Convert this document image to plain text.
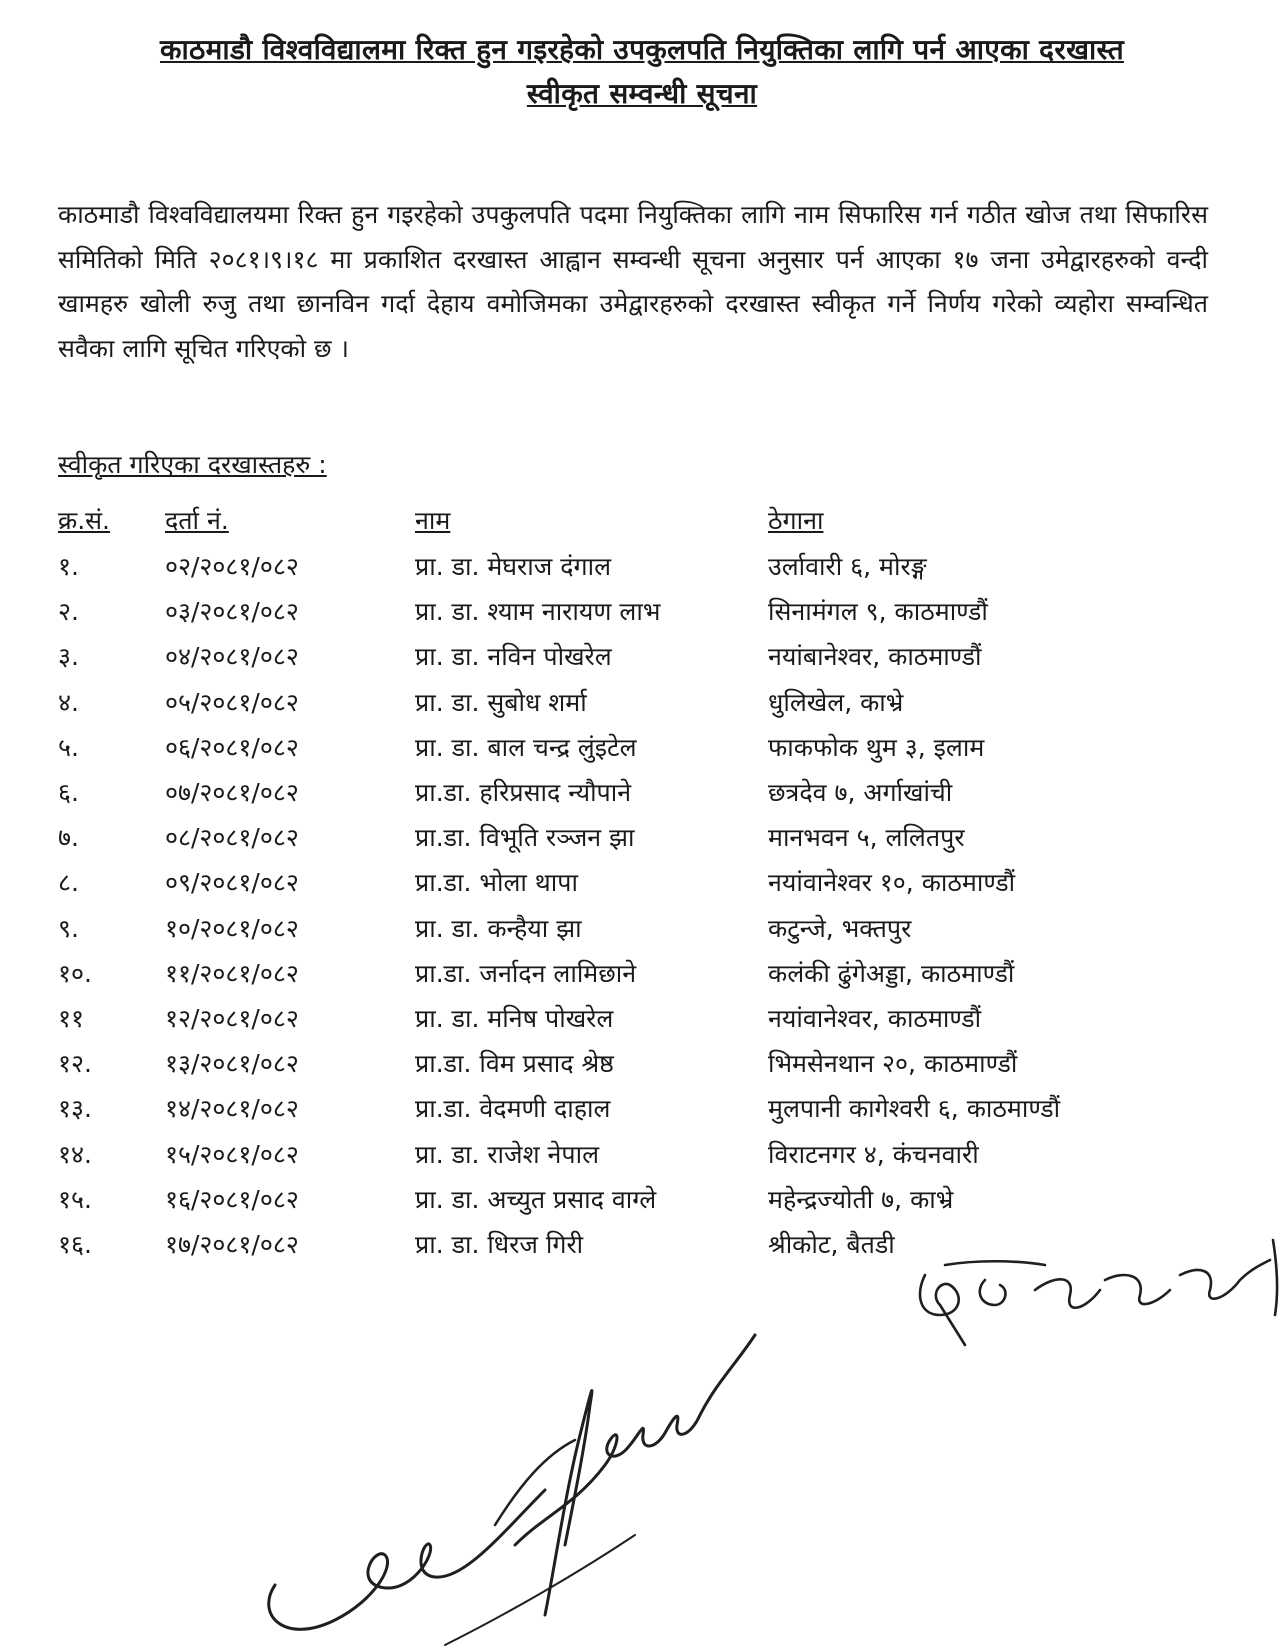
काठमाडौ विश्वविद्यालमा रिक्त हुन गइरहेको उपकुलपति नियुक्तिका लागि पर्न आएका दरखास्त
स्वीकृत सम्वन्धी सूचना
काठमाडौ विश्वविद्यालयमा रिक्त हुन गइरहेको उपकुलपति पदमा नियुक्तिका लागि नाम सिफारिस गर्न गठीत खोज तथा सिफारिस समितिको मिति २०८१।९।१८ मा प्रकाशित दरखास्त आह्वान सम्वन्धी सूचना अनुसार पर्न आएका १७ जना उमेद्वारहरुको वन्दी खामहरु खोली रुजु तथा छानविन गर्दा देहाय वमोजिमका उमेद्वारहरुको दरखास्त स्वीकृत गर्ने निर्णय गरेको व्यहोरा सम्वन्धित सवैका लागि सूचित गरिएको छ ।
स्वीकृत गरिएका दरखास्तहरु :
क्र.सं. दर्ता नं.	नाम	ठेगाना
१.	०२/२०८१/०८२	प्रा. डा. मेघराज दंगाल	उर्लावारी ६, मोरङ्ग
२.	०३/२०८१/०८२	प्रा. डा. श्याम नारायण लाभ	सिनामंगल ९, काठमाण्डौं
३.	०४/२०८१/०८२	प्रा. डा. नविन पोखरेल	नयांबानेश्वर, काठमाण्डौं
४.	०५/२०८१/०८२	प्रा. डा. सुबोध शर्मा	धुलिखेल, काभ्रे
५.	०६/२०८१/०८२	प्रा. डा. बाल चन्द्र लुंइटेल	फाकफोक थुम ३, इलाम
६.	०७/२०८१/०८२	प्रा.डा. हरिप्रसाद न्यौपाने	छत्रदेव ७, अर्गाखांची
७.	०८/२०८१/०८२	प्रा.डा. विभूति रञ्जन झा	मानभवन ५, ललितपुर
८.	०९/२०८१/०८२	प्रा.डा. भोला थापा	नयांवानेश्वर १०, काठमाण्डौं
९.	१०/२०८१/०८२	प्रा. डा. कन्हैया झा	कटुन्जे, भक्तपुर
१०.	११/२०८१/०८२	प्रा.डा. जर्नादन लामिछाने	कलंकी ढुंगेअड्डा, काठमाण्डौं
११	१२/२०८१/०८२	प्रा. डा. मनिष पोखरेल	नयांवानेश्वर, काठमाण्डौं
१२.	१३/२०८१/०८२	प्रा.डा. विम प्रसाद श्रेष्ठ	भिमसेनथान २०, काठमाण्डौं
१३.	१४/२०८१/०८२	प्रा.डा. वेदमणी दाहाल	मुलपानी कागेश्वरी ६, काठमाण्डौं
१४.	१५/२०८१/०८२	प्रा. डा. राजेश नेपाल	विराटनगर ४, कंचनवारी
१५.	१६/२०८१/०८२	प्रा. डा. अच्युत प्रसाद वाग्ले	महेन्द्रज्योती ७, काभ्रे
१६.	१७/२०८१/०८२	प्रा. डा. धिरज गिरी	श्रीकोट, बैतडी
